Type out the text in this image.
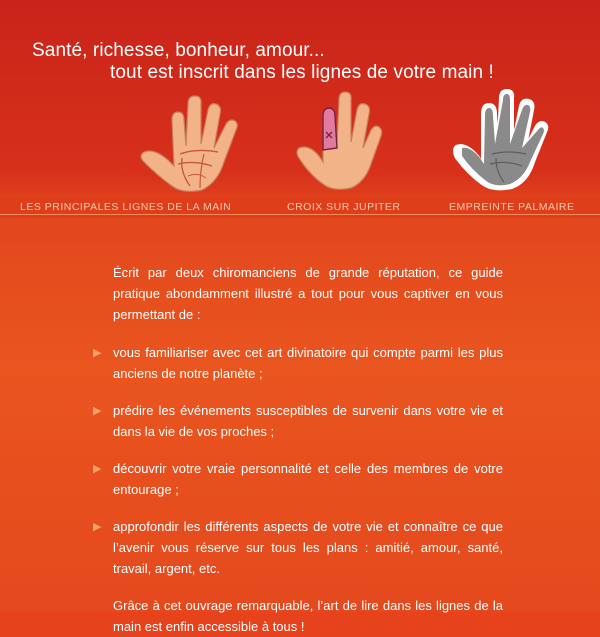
Santé, richesse, bonheur, amour...
tout est inscrit dans les lignes de votre main !
LES PRINCIPALES LIGNES DE LA MAIN	CROIX SUR JUPITER	EMPREINTE PALMAIRE

Écrit par deux chiromanciens de grande réputation, ce guide pratique abondamment illustré a tout pour vous captiver en vous permettant de :

▶ vous familiariser avec cet art divinatoire qui compte parmi les plus anciens de notre planète ;
▶ prédire les événements susceptibles de survenir dans votre vie et dans la vie de vos proches ;
▶ découvrir votre vraie personnalité et celle des membres de votre entourage ;
▶ approfondir les différents aspects de votre vie et connaître ce que l’avenir vous réserve sur tous les plans : amitié, amour, santé, travail, argent, etc.

Grâce à cet ouvrage remarquable, l’art de lire dans les lignes de la main est enfin accessible à tous !
